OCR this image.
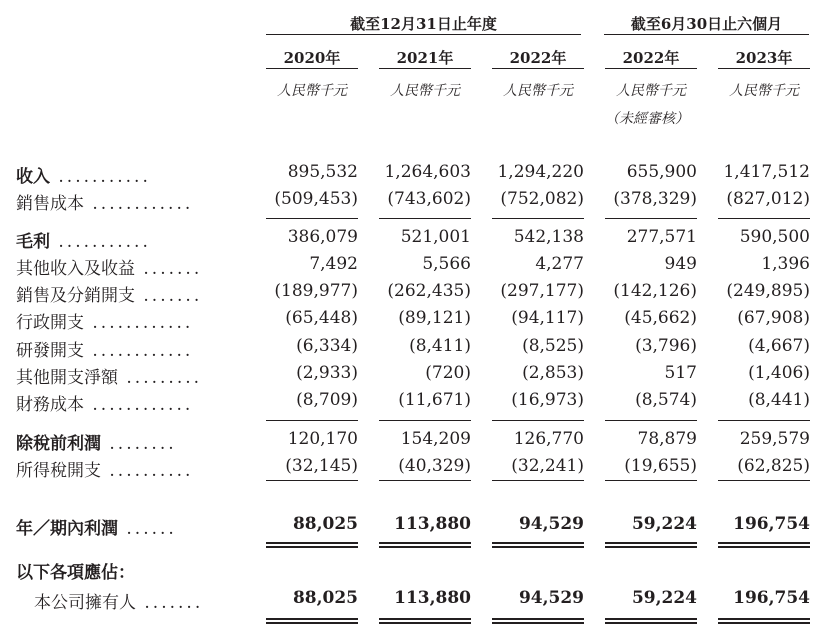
截至12月31日止年度	截至6月30日止六個月
2020年	2021年	2022年	2022年	2023年
人民幣千元	人民幣千元	人民幣千元	人民幣千元	人民幣千元
（未經審核）
收入 ...........	895,532	1,264,603	1,294,220	655,900	1,417,512
銷售成本 ............	(509,453)	(743,602)	(752,082)	(378,329)	(827,012)
毛利 ...........	386,079	521,001	542,138	277,571	590,500
其他收入及收益 .......	7,492	5,566	4,277	949	1,396
銷售及分銷開支 .......	(189,977)	(262,435)	(297,177)	(142,126)	(249,895)
行政開支 ............	(65,448)	(89,121)	(94,117)	(45,662)	(67,908)
研發開支 ............	(6,334)	(8,411)	(8,525)	(3,796)	(4,667)
其他開支淨額 .........	(2,933)	(720)	(2,853)	517	(1,406)
財務成本 ............	(8,709)	(11,671)	(16,973)	(8,574)	(8,441)
除稅前利潤 ........	120,170	154,209	126,770	78,879	259,579
所得稅開支 ..........	(32,145)	(40,329)	(32,241)	(19,655)	(62,825)
年／期內利潤 ......	88,025	113,880	94,529	59,224	196,754
以下各項應佔：
本公司擁有人 .......	88,025	113,880	94,529	59,224	196,754
